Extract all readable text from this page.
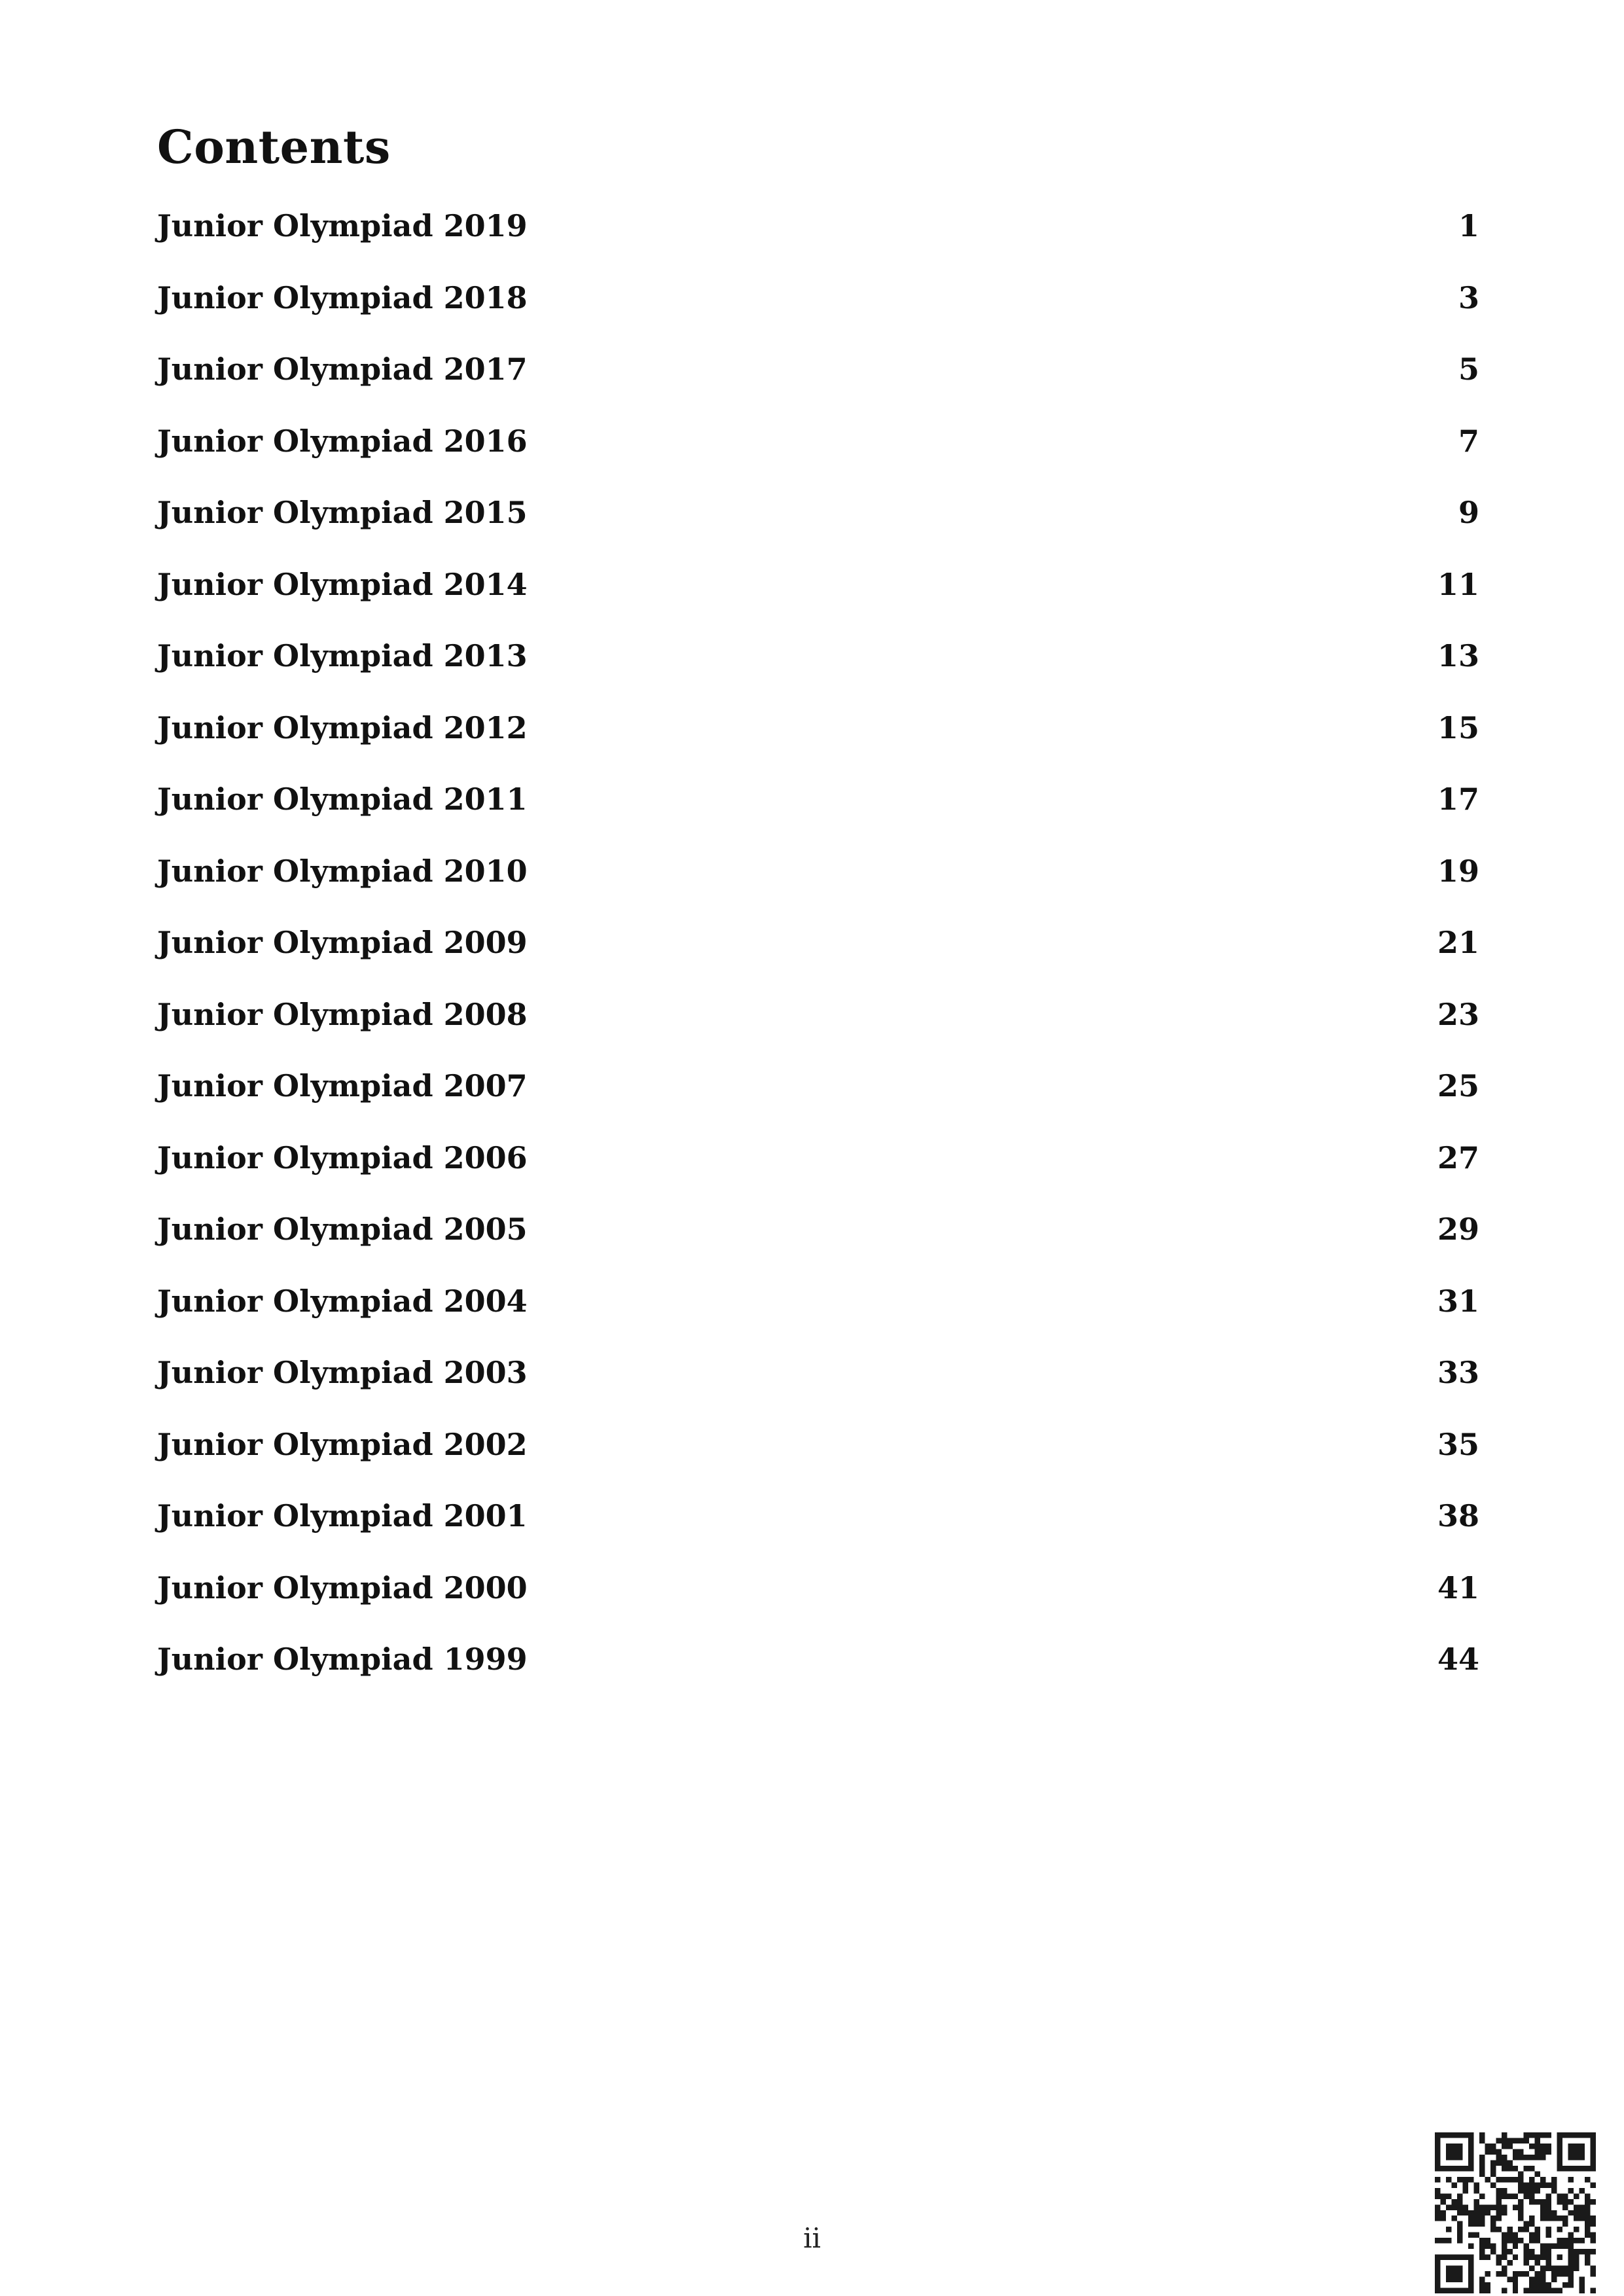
Contents
Junior Olympiad 2019	1
Junior Olympiad 2018	3
Junior Olympiad 2017	5
Junior Olympiad 2016	7
Junior Olympiad 2015	9
Junior Olympiad 2014	11
Junior Olympiad 2013	13
Junior Olympiad 2012	15
Junior Olympiad 2011	17
Junior Olympiad 2010	19
Junior Olympiad 2009	21
Junior Olympiad 2008	23
Junior Olympiad 2007	25
Junior Olympiad 2006	27
Junior Olympiad 2005	29
Junior Olympiad 2004	31
Junior Olympiad 2003	33
Junior Olympiad 2002	35
Junior Olympiad 2001	38
Junior Olympiad 2000	41
Junior Olympiad 1999	44
ii
